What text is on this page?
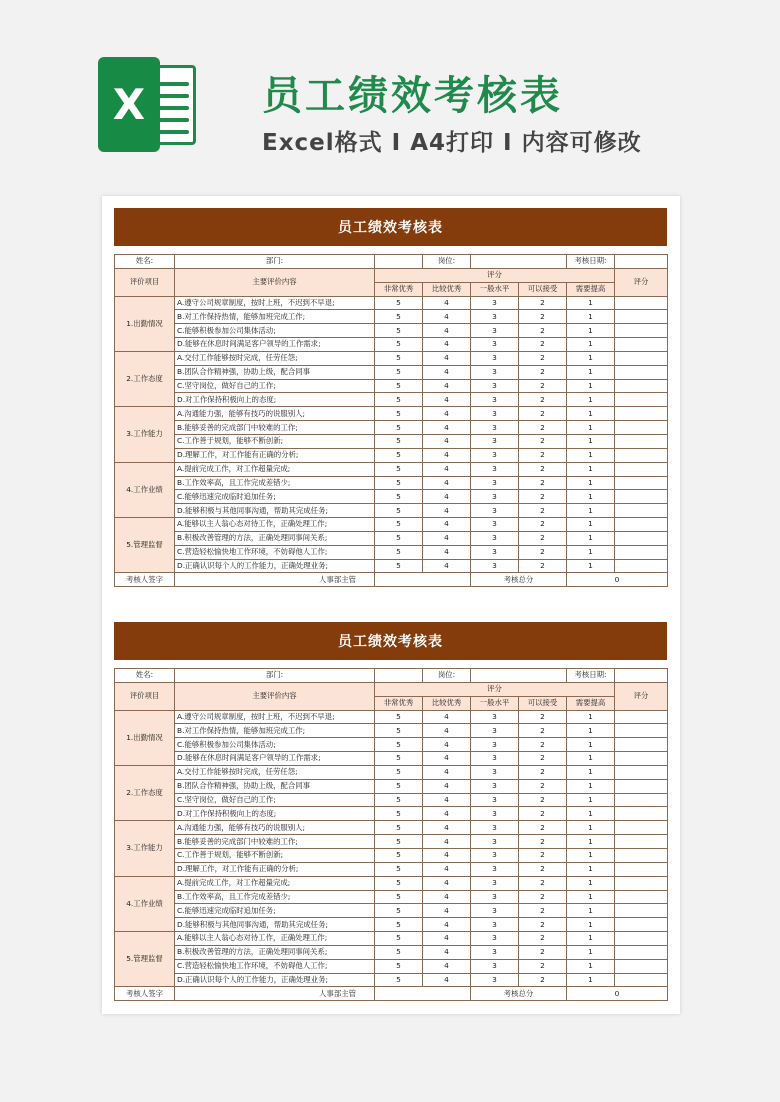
X	员工绩效考核表
Excel格式 I A4打印 I 内容可修改
员工绩效考核表
姓名:	部门:		岗位:			考核日期:	
评价项目	主要评价内容	评分					评分
		非常优秀	比较优秀	一般水平	可以接受	需要提高	
1.出勤情况	A.遵守公司规章制度，按时上班，不迟到不早退;	5	4	3	2	1	
	B.对工作保持热情，能够加班完成工作;	5	4	3	2	1	
	C.能够积极参加公司集体活动;	5	4	3	2	1	
	D.能够在休息时间满足客户领导的工作需求;	5	4	3	2	1	
2.工作态度	A.交付工作能够按时完成，任劳任怨;	5	4	3	2	1	
	B.团队合作精神强，协助上级，配合同事	5	4	3	2	1	
	C.坚守岗位，做好自己的工作;	5	4	3	2	1	
	D.对工作保持积极向上的态度;	5	4	3	2	1	
3.工作能力	A.沟通能力强，能够有技巧的说服别人;	5	4	3	2	1	
	B.能够妥善的完成部门中较难的工作;	5	4	3	2	1	
	C.工作善于规划，能够不断创新;	5	4	3	2	1	
	D.理解工作，对工作能有正确的分析;	5	4	3	2	1	
4.工作业绩	A.提前完成工作，对工作超量完成;	5	4	3	2	1	
	B.工作效率高，且工作完成差错少;	5	4	3	2	1	
	C.能够迅速完成临时追加任务;	5	4	3	2	1	
	D.能够积极与其他同事沟通，帮助其完成任务;	5	4	3	2	1	
5.管理监督	A.能够以主人翁心态对待工作，正确处理工作;	5	4	3	2	1	
	B.积极改善管理的方法，正确处理同事间关系;	5	4	3	2	1	
	C.营造轻松愉快地工作环境，不妨碍他人工作;	5	4	3	2	1	
	D.正确认识每个人的工作能力，正确处理业务;	5	4	3	2	1	
考核人签字	人事部主管			考核总分		0	
员工绩效考核表
姓名:	部门:		岗位:			考核日期:	
评价项目	主要评价内容	评分					评分
		非常优秀	比较优秀	一般水平	可以接受	需要提高	
1.出勤情况	A.遵守公司规章制度，按时上班，不迟到不早退;	5	4	3	2	1	
	B.对工作保持热情，能够加班完成工作;	5	4	3	2	1	
	C.能够积极参加公司集体活动;	5	4	3	2	1	
	D.能够在休息时间满足客户领导的工作需求;	5	4	3	2	1	
2.工作态度	A.交付工作能够按时完成，任劳任怨;	5	4	3	2	1	
	B.团队合作精神强，协助上级，配合同事	5	4	3	2	1	
	C.坚守岗位，做好自己的工作;	5	4	3	2	1	
	D.对工作保持积极向上的态度;	5	4	3	2	1	
3.工作能力	A.沟通能力强，能够有技巧的说服别人;	5	4	3	2	1	
	B.能够妥善的完成部门中较难的工作;	5	4	3	2	1	
	C.工作善于规划，能够不断创新;	5	4	3	2	1	
	D.理解工作，对工作能有正确的分析;	5	4	3	2	1	
4.工作业绩	A.提前完成工作，对工作超量完成;	5	4	3	2	1	
	B.工作效率高，且工作完成差错少;	5	4	3	2	1	
	C.能够迅速完成临时追加任务;	5	4	3	2	1	
	D.能够积极与其他同事沟通，帮助其完成任务;	5	4	3	2	1	
5.管理监督	A.能够以主人翁心态对待工作，正确处理工作;	5	4	3	2	1	
	B.积极改善管理的方法，正确处理同事间关系;	5	4	3	2	1	
	C.营造轻松愉快地工作环境，不妨碍他人工作;	5	4	3	2	1	
	D.正确认识每个人的工作能力，正确处理业务;	5	4	3	2	1	
考核人签字	人事部主管			考核总分		0	
